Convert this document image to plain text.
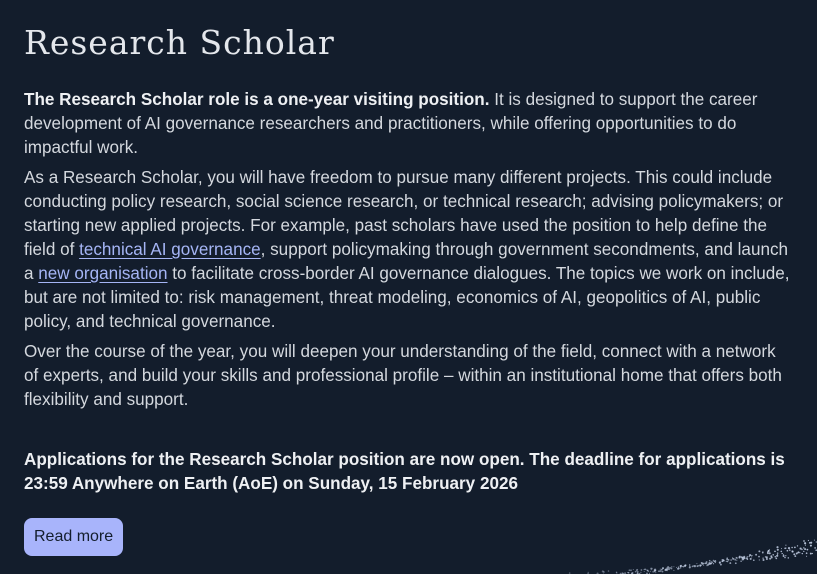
Research Scholar

The Research Scholar role is a one-year visiting position. It is designed to support the career development of AI governance researchers and practitioners, while offering opportunities to do impactful work.

As a Research Scholar, you will have freedom to pursue many different projects. This could include conducting policy research, social science research, or technical research; advising policymakers; or starting new applied projects. For example, past scholars have used the position to help define the field of technical AI governance, support policymaking through government secondments, and launch a new organisation to facilitate cross-border AI governance dialogues. The topics we work on include, but are not limited to: risk management, threat modeling, economics of AI, geopolitics of AI, public policy, and technical governance.

Over the course of the year, you will deepen your understanding of the field, connect with a network of experts, and build your skills and professional profile – within an institutional home that offers both flexibility and support.

Applications for the Research Scholar position are now open. The deadline for applications is 23:59 Anywhere on Earth (AoE) on Sunday, 15 February 2026
Read more
